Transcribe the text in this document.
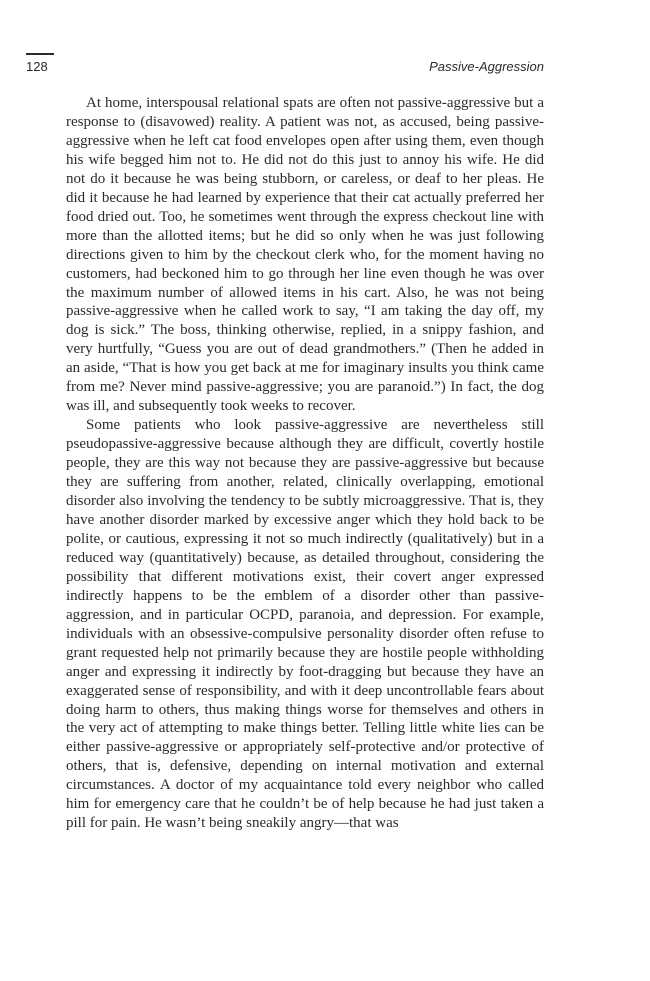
128	Passive-Aggression

At home, interspousal relational spats are often not passive-aggressive but a response to (disavowed) reality. A patient was not, as accused, being passive-aggressive when he left cat food envelopes open after using them, even though his wife begged him not to. He did not do this just to annoy his wife. He did not do it because he was being stubborn, or careless, or deaf to her pleas. He did it because he had learned by experience that their cat actually preferred her food dried out. Too, he sometimes went through the express checkout line with more than the allotted items; but he did so only when he was just following directions given to him by the checkout clerk who, for the moment having no customers, had beckoned him to go through her line even though he was over the maximum number of allowed items in his cart. Also, he was not being passive-aggressive when he called work to say, “I am taking the day off, my dog is sick.” The boss, thinking otherwise, replied, in a snippy fashion, and very hurtfully, “Guess you are out of dead grandmothers.” (Then he added in an aside, “That is how you get back at me for imaginary insults you think came from me? Never mind passive-aggressive; you are paranoid.”) In fact, the dog was ill, and subsequently took weeks to recover.

Some patients who look passive-aggressive are nevertheless still pseudopassive-aggressive because although they are difficult, covertly hostile people, they are this way not because they are passive-aggressive but because they are suffering from another, related, clinically overlapping, emotional disorder also involving the tendency to be subtly microaggressive. That is, they have another disorder marked by excessive anger which they hold back to be polite, or cautious, expressing it not so much indirectly (qualitatively) but in a reduced way (quantitatively) because, as detailed throughout, considering the possibility that different motivations exist, their covert anger expressed indirectly happens to be the emblem of a disorder other than passive-aggression, and in particular OCPD, paranoia, and depression. For example, individuals with an obsessive-compulsive personality disorder often refuse to grant requested help not primarily because they are hostile people withholding anger and expressing it indirectly by foot-dragging but because they have an exaggerated sense of responsibility, and with it deep uncontrollable fears about doing harm to others, thus making things worse for themselves and others in the very act of attempting to make things better. Telling little white lies can be either passive-aggressive or appropriately self-protective and/or protective of others, that is, defensive, depending on internal motivation and external circumstances. A doctor of my acquaintance told every neighbor who called him for emergency care that he couldn’t be of help because he had just taken a pill for pain. He wasn’t being sneakily angry—that was
